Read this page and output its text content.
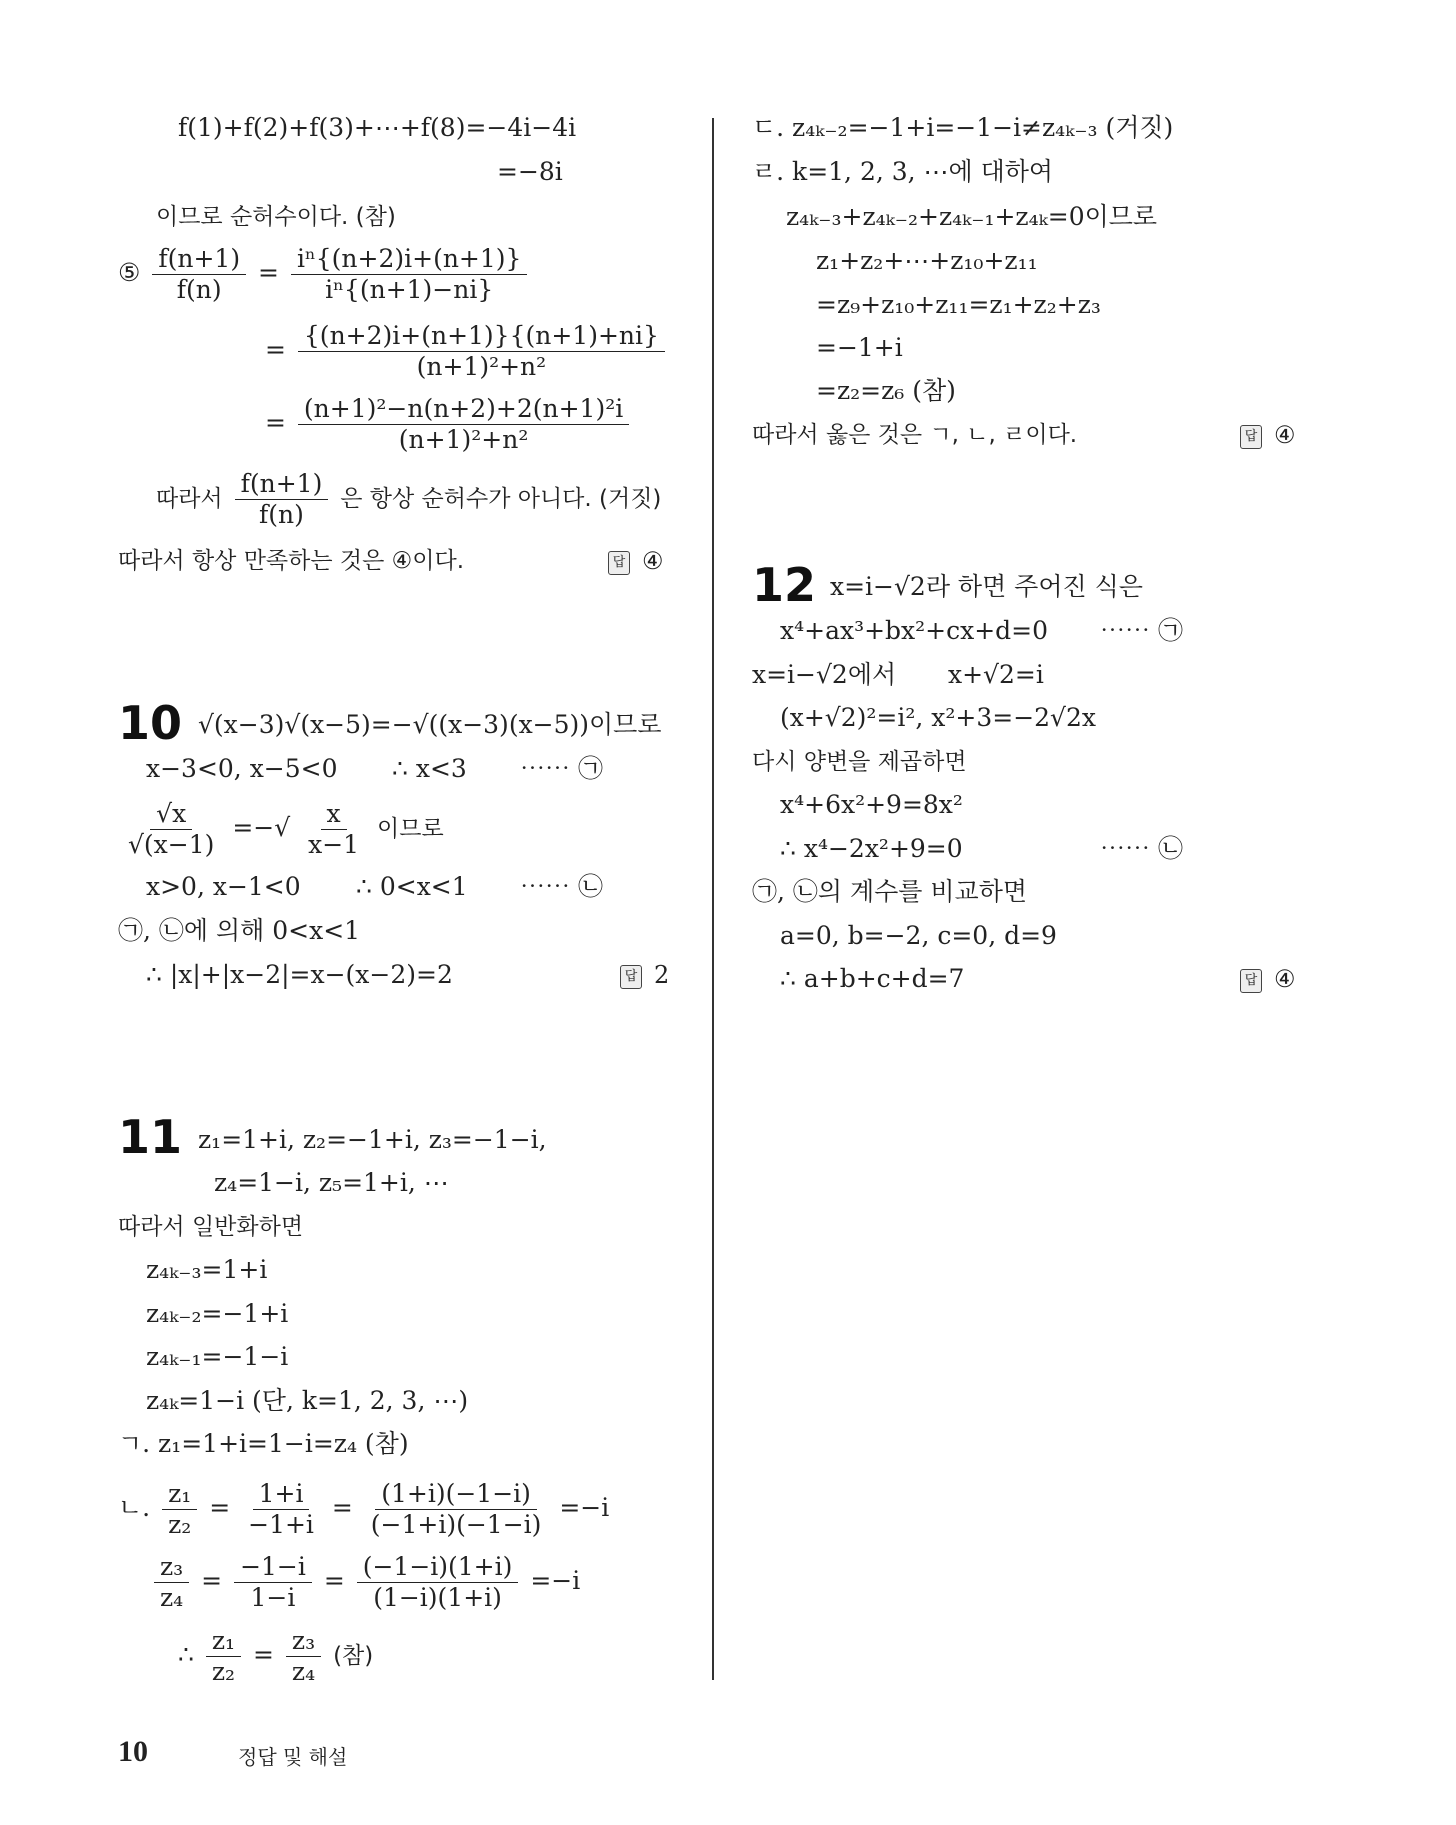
f(1)+f(2)+f(3)+⋯+f(8)=−4i−4i
=−8i
이므로 순허수이다. (참)
⑤ $\frac{f(n+1)}{f(n)} = \frac{\text{iⁿ\{(n+2)i+(n+1)\}}}{\text{iⁿ\{(n+1)−ni\}}}$
= $\frac{\{(n+2)i+(n+1)\}\{(n+1)+ni\}}{\text{(n+1)²+n²}}$
= $\frac{\text{(n+1)²−n(n+2)+2(n+1)²i}}{\text{(n+1)²+n²}}$
따라서 $\frac{f(n+1)}{f(n)}$ 은 항상 순허수가 아니다. (거짓)
따라서 항상 만족하는 것은 ④이다.	답 ④
10 √(x−3)√(x−5)=−√((x−3)(x−5))이므로
x−3<0, x−5<0 ∴ x<3 ⋯⋯ ㉠
$\frac{√x}{√(x-1)}$ =−√ $\frac{x}{x-1}$ 이므로
x>0, x−1<0 ∴ 0<x<1 ⋯⋯ ㉡
㉠, ㉡에 의해 0<x<1
∴ |x|+|x−2|=x−(x−2)=2	답 2
11 z₁=1+i, z₂=−1+i, z₃=−1−i,
z₄=1−i, z₅=1+i, ⋯
따라서 일반화하면
z₄ₖ₋₃=1+i
z₄ₖ₋₂=−1+i
z₄ₖ₋₁=−1−i
z₄ₖ=1−i (단, k=1, 2, 3, ⋯)
ㄱ. z₁=1+i=1−i=z₄ (참)
ㄴ. $\frac{\text{z₁}}{\text{z₂}} = \frac{1+i}{-1+i} = \frac{(1+i)(-1-i)}{(-1+i)(-1-i)} =-i$
$\frac{\text{z₃}}{\text{z₄}} = \frac{-1-i}{1-i} = \frac{(-1-i)(1+i)}{(1-i)(1+i)} =-i$
∴ $\frac{\text{z₁}}{\text{z₂}} = \frac{\text{z₃}}{\text{z₄}}$ (참)
ㄷ. z₄ₖ₋₂=−1+i=−1−i≠z₄ₖ₋₃ (거짓)
ㄹ. k=1, 2, 3, ⋯에 대하여
z₄ₖ₋₃+z₄ₖ₋₂+z₄ₖ₋₁+z₄ₖ=0이므로
z₁+z₂+⋯+z₁₀+z₁₁
=z₉+z₁₀+z₁₁=z₁+z₂+z₃
=−1+i
=z₂=z₆ (참)
따라서 옳은 것은 ㄱ, ㄴ, ㄹ이다.	답 ④
12 x=i−√2라 하면 주어진 식은
x⁴+ax³+bx²+cx+d=0 ⋯⋯ ㉠
x=i−√2에서 x+√2=i
(x+√2)²=i², x²+3=−2√2x
다시 양변을 제곱하면
x⁴+6x²+9=8x²
∴ x⁴−2x²+9=0	⋯⋯ ㉡
㉠, ㉡의 계수를 비교하면
a=0, b=−2, c=0, d=9
∴ a+b+c+d=7	답 ④
10	정답 및 해설
